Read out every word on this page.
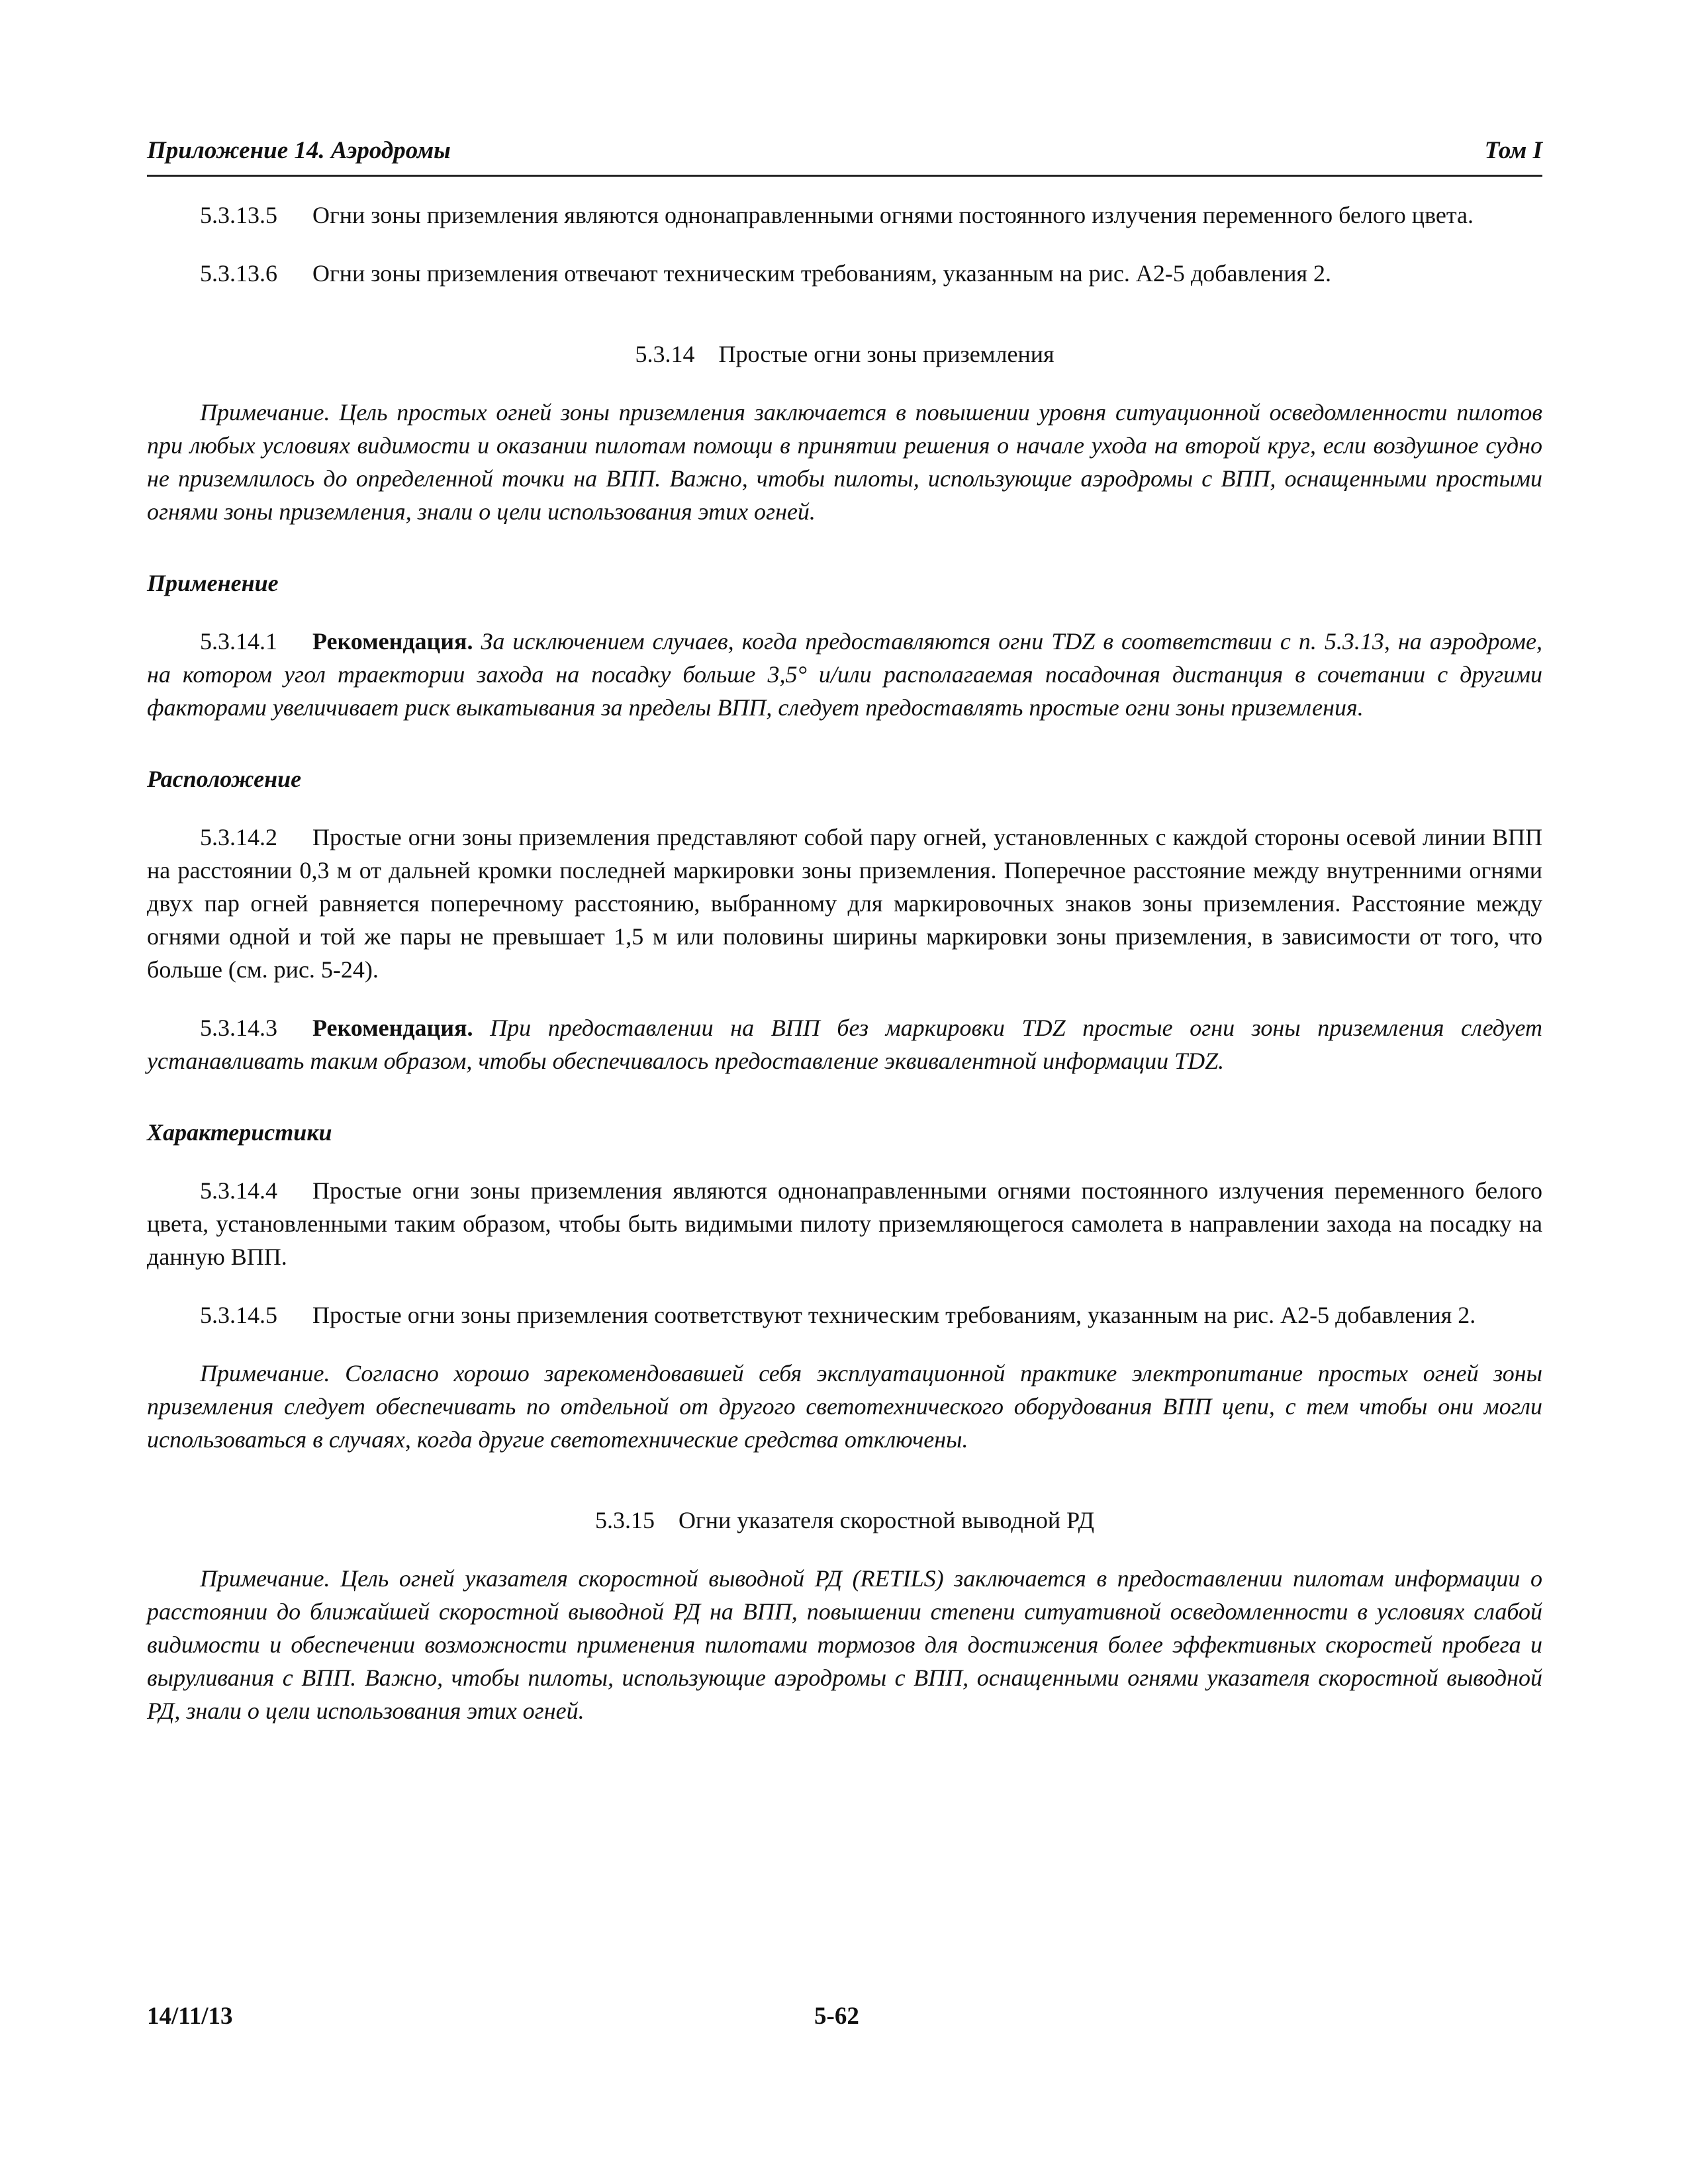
Приложение 14. Аэродромы	Том I

5.3.13.5 Огни зоны приземления являются однонаправленными огнями постоянного излучения переменного белого цвета.

5.3.13.6 Огни зоны приземления отвечают техническим требованиям, указанным на рис. А2-5 добавления 2.

5.3.14 Простые огни зоны приземления

Примечание. Цель простых огней зоны приземления заключается в повышении уровня ситуационной осведомленности пилотов при любых условиях видимости и оказании пилотам помощи в принятии решения о начале ухода на второй круг, если воздушное судно не приземлилось до определенной точки на ВПП. Важно, чтобы пилоты, использующие аэродромы с ВПП, оснащенными простыми огнями зоны приземления, знали о цели использования этих огней.

Применение

5.3.14.1 Рекомендация. За исключением случаев, когда предоставляются огни TDZ в соответствии с п. 5.3.13, на аэродроме, на котором угол траектории захода на посадку больше 3,5° и/или располагаемая посадочная дистанция в сочетании с другими факторами увеличивает риск выкатывания за пределы ВПП, следует предоставлять простые огни зоны приземления.

Расположение

5.3.14.2 Простые огни зоны приземления представляют собой пару огней, установленных с каждой стороны осевой линии ВПП на расстоянии 0,3 м от дальней кромки последней маркировки зоны приземления. Поперечное расстояние между внутренними огнями двух пар огней равняется поперечному расстоянию, выбранному для маркировочных знаков зоны приземления. Расстояние между огнями одной и той же пары не превышает 1,5 м или половины ширины маркировки зоны приземления, в зависимости от того, что больше (см. рис. 5-24).

5.3.14.3 Рекомендация. При предоставлении на ВПП без маркировки TDZ простые огни зоны приземления следует устанавливать таким образом, чтобы обеспечивалось предоставление эквивалентной информации TDZ.

Характеристики

5.3.14.4 Простые огни зоны приземления являются однонаправленными огнями постоянного излучения переменного белого цвета, установленными таким образом, чтобы быть видимыми пилоту приземляющегося самолета в направлении захода на посадку на данную ВПП.

5.3.14.5 Простые огни зоны приземления соответствуют техническим требованиям, указанным на рис. А2-5 добавления 2.

Примечание. Согласно хорошо зарекомендовавшей себя эксплуатационной практике электропитание простых огней зоны приземления следует обеспечивать по отдельной от другого светотехнического оборудования ВПП цепи, с тем чтобы они могли использоваться в случаях, когда другие светотехнические средства отключены.

5.3.15 Огни указателя скоростной выводной РД

Примечание. Цель огней указателя скоростной выводной РД (RETILS) заключается в предоставлении пилотам информации о расстоянии до ближайшей скоростной выводной РД на ВПП, повышении степени ситуативной осведомленности в условиях слабой видимости и обеспечении возможности применения пилотами тормозов для достижения более эффективных скоростей пробега и выруливания с ВПП. Важно, чтобы пилоты, использующие аэродромы с ВПП, оснащенными огнями указателя скоростной выводной РД, знали о цели использования этих огней.

14/11/13	5-62
